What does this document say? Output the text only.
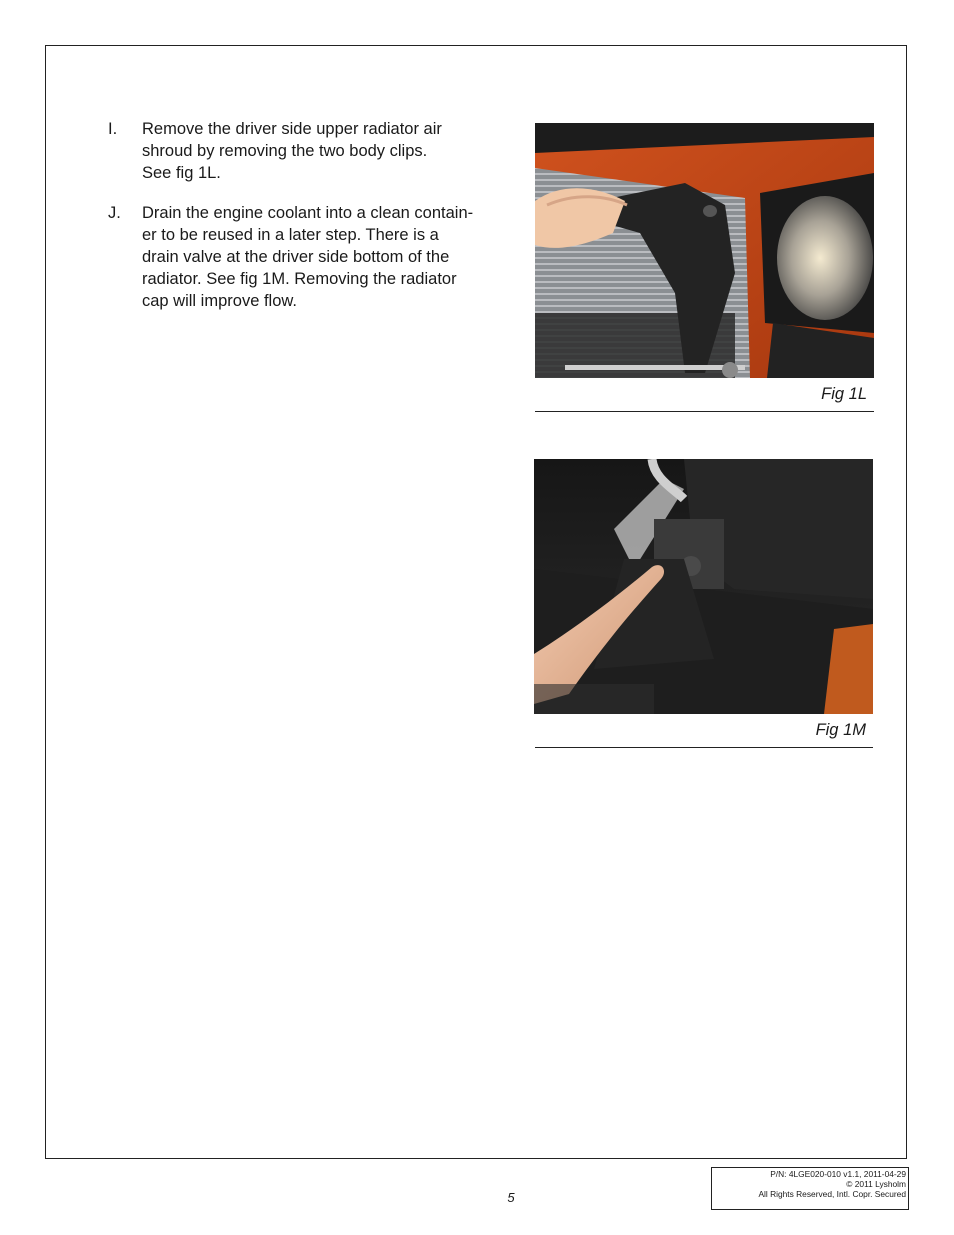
I.	Remove the driver side upper radiator air
shroud by removing the two body clips.
See fig 1L.
J.	Drain the engine coolant into a clean contain-
er to be reused in a later step. There is a
drain valve at the driver side bottom of the
radiator. See fig 1M. Removing the radiator
cap will improve flow.
Fig 1L
Fig 1M
5
P/N: 4LGE020-010 v1.1, 2011-04-29
© 2011 Lysholm
All Rights Reserved, Intl. Copr. Secured
